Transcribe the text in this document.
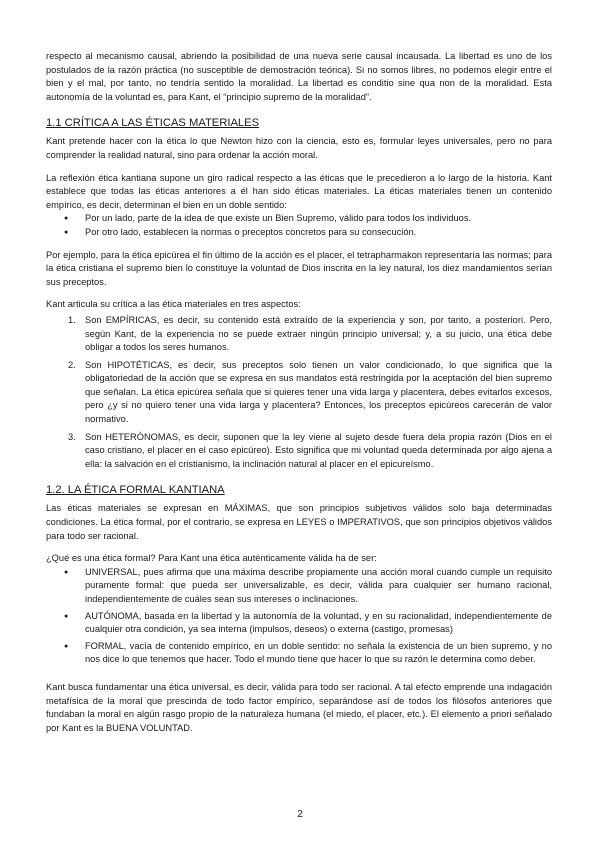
respecto al mecanismo causal, abriendo la posibilidad de una nueva serie causal incausada. La libertad es uno de los postulados de la razón práctica (no susceptible de demostración teórica). Si no somos libres, no podemos elegir entre el bien y el mal, por tanto, no tendría sentido la moralidad. La libertad es conditio sine qua non de la moralidad. Esta autonomía de la voluntad es, para Kant, el “principio supremo de la moralidad”.

1.1 CRÍTICA A LAS ÉTICAS MATERIALES

Kant pretende hacer con la ética lo que Newton hizo con la ciencia, esto es, formular leyes universales, pero no para comprender la realidad natural, sino para ordenar la acción moral.

La reflexión ética kantiana supone un giro radical respecto a las éticas que le precedieron a lo largo de la historia. Kant establece que todas las éticas anteriores a él han sido éticas materiales. La éticas materiales tienen un contenido empírico, es decir, determinan el bien en un doble sentido:

● Por un lado, parte de la idea de que existe un Bien Supremo, válido para todos los individuos.
● Por otro lado, establecen la normas o preceptos concretos para su consecución.

Por ejemplo, para la ética epicúrea el fin último de la acción es el placer, el tetrapharmakon representaría las normas; para la ética cristiana el supremo bien lo constituye la voluntad de Dios inscrita en la ley natural, los diez mandamientos serían sus preceptos.

Kant articula su crítica a las ética materiales en tres aspectos:

1. Son EMPÍRICAS, es decir, su contenido está extraído de la experiencia y son, por tanto, a posteriori. Pero, según Kant, de la experiencia no se puede extraer ningún principio universal; y, a su juicio, una ética debe obligar a todos los seres humanos.
2. Son HIPOTÉTICAS, es decir, sus preceptos solo tienen un valor condicionado, lo que significa que la obligatoriedad de la acción que se expresa en sus mandatos está restringida por la aceptación del bien supremo que señalan. La ética epicúrea señala que si quieres tener una vida larga y placentera, debes evitarlos excesos, pero ¿y si no quiero tener una vida larga y placentera? Entonces, los preceptos epicúreos carecerán de valor normativo.
3. Son HETERÓNOMAS, es decir, suponen que la ley viene al sujeto desde fuera dela propia razón (Dios en el caso cristiano, el placer en el caso epicúreo). Esto significa que mi voluntad queda determinada por algo ajena a ella: la salvación en el cristianismo, la inclinación natural al placer en el epicureísmo.
1.2. LA ÉTICA FORMAL KANTIANA

Las éticas materiales se expresan en MÁXIMAS, que son principios subjetivos válidos solo baja determinadas condiciones. La ética formal, por el contrario, se expresa en LEYES o IMPERATIVOS, que son principios objetivos válidos para todo ser racional.

¿Qué es una ética formal? Para Kant una ética auténticamente válida ha de ser:

● UNIVERSAL, pues afirma que una máxima describe propiamente una acción moral cuando cumple un requisito puramente formal: que pueda ser universalizable, es decir, válida para cualquier ser humano racional, independientemente de cuáles sean sus intereses o inclinaciones.
● AUTÓNOMA, basada en la libertad y la autonomía de la voluntad, y en su racionalidad, independientemente de cualquier otra condición, ya sea interna (impulsos, deseos) o externa (castigo, promesas)
● FORMAL, vacía de contenido empírico, en un doble sentido: no señala la existencia de un bien supremo, y no nos dice lo que tenemos que hacer. Todo el mundo tiene que hacer lo que su razón le determina como deber.

Kant busca fundamentar una ética universal, es decir, válida para todo ser racional. A tal efecto emprende una indagación metafísica de la moral que prescinda de todo factor empírico, separándose así de todos los filósofos anteriores que fundaban la moral en algún rasgo propio de la naturaleza humana (el miedo, el placer, etc.). El elemento a priori señalado por Kant es la BUENA VOLUNTAD.

2
